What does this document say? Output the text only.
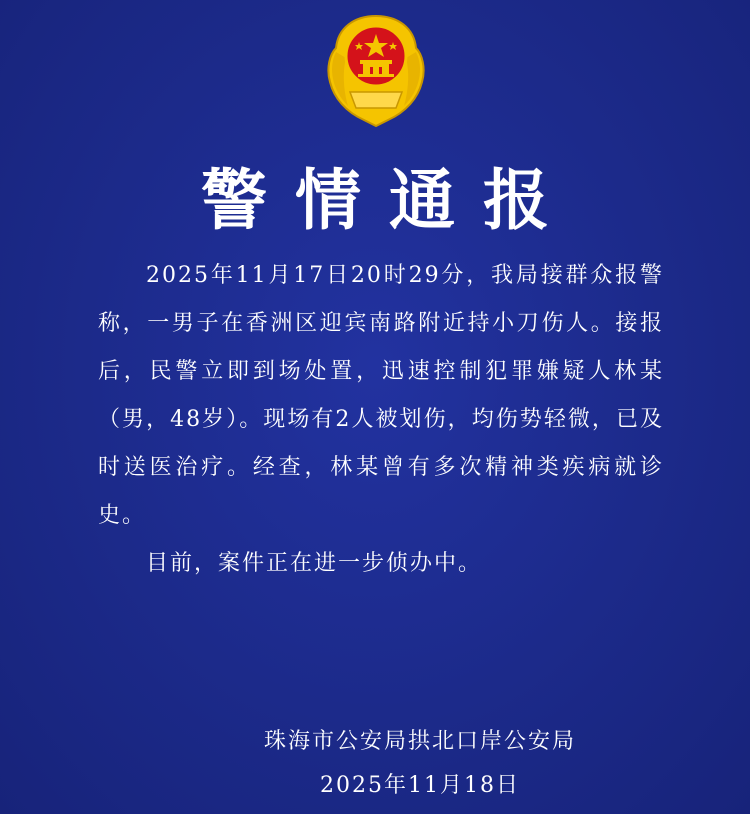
警情通报

2025年11月17日20时29分，我局接群众报警称，一男子在香洲区迎宾南路附近持小刀伤人。接报后，民警立即到场处置，迅速控制犯罪嫌疑人林某（男，48岁）。现场有2人被划伤，均伤势轻微，已及时送医治疗。经查，林某曾有多次精神类疾病就诊史。

目前，案件正在进一步侦办中。

珠海市公安局拱北口岸公安局
2025年11月18日
